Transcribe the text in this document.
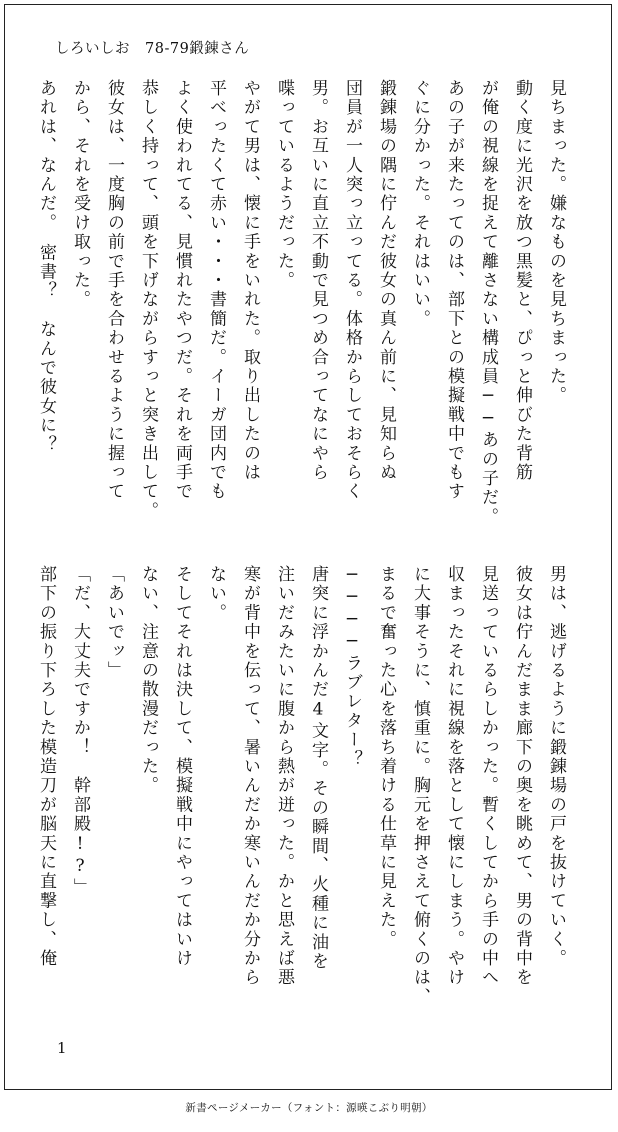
しろいしお　78-79鍛錬さん

見ちまった。嫌なものを見ちまった。

動く度に光沢を放つ黒髪と、ぴっと伸びた背筋

が俺の視線を捉えて離さない構成員──あの子だ。

あの子が来たってのは、部下との模擬戦中でもす

ぐに分かった。それはいい。

鍛錬場の隅に佇んだ彼女の真ん前に、見知らぬ

団員が一人突っ立ってる。体格からしておそらく

男。お互いに直立不動で見つめ合ってなにやら

喋っているようだった。

やがて男は、懐に手をいれた。取り出したのは

平べったくて赤い・・・書簡だ。イーガ団内でも

よく使われてる、見慣れたやつだ。それを両手で

恭しく持って、頭を下げながらすっと突き出して。

彼女は、一度胸の前で手を合わせるように握って

から、それを受け取った。

あれは、なんだ。　密書？　なんで彼女に？

男は、逃げるように鍛錬場の戸を抜けていく。

彼女は佇んだまま廊下の奥を眺めて、男の背中を

見送っているらしかった。暫くしてから手の中へ

収まったそれに視線を落として懐にしまう。やけ

に大事そうに、慎重に。胸元を押さえて俯くのは、

まるで奮った心を落ち着ける仕草に見えた。

────ラブレター？

唐突に浮かんだ4文字。その瞬間、火種に油を

注いだみたいに腹から熱が迸った。かと思えば悪

寒が背中を伝って、暑いんだか寒いんだか分から

ない。

そしてそれは決して、模擬戦中にやってはいけ

ない、注意の散漫だった。

「あいでッ」

「だ、大丈夫ですか！　幹部殿!?」

部下の振り下ろした模造刀が脳天に直撃し、俺

1
新書ページメーカー（フォント：源暎こぶり明朝）
